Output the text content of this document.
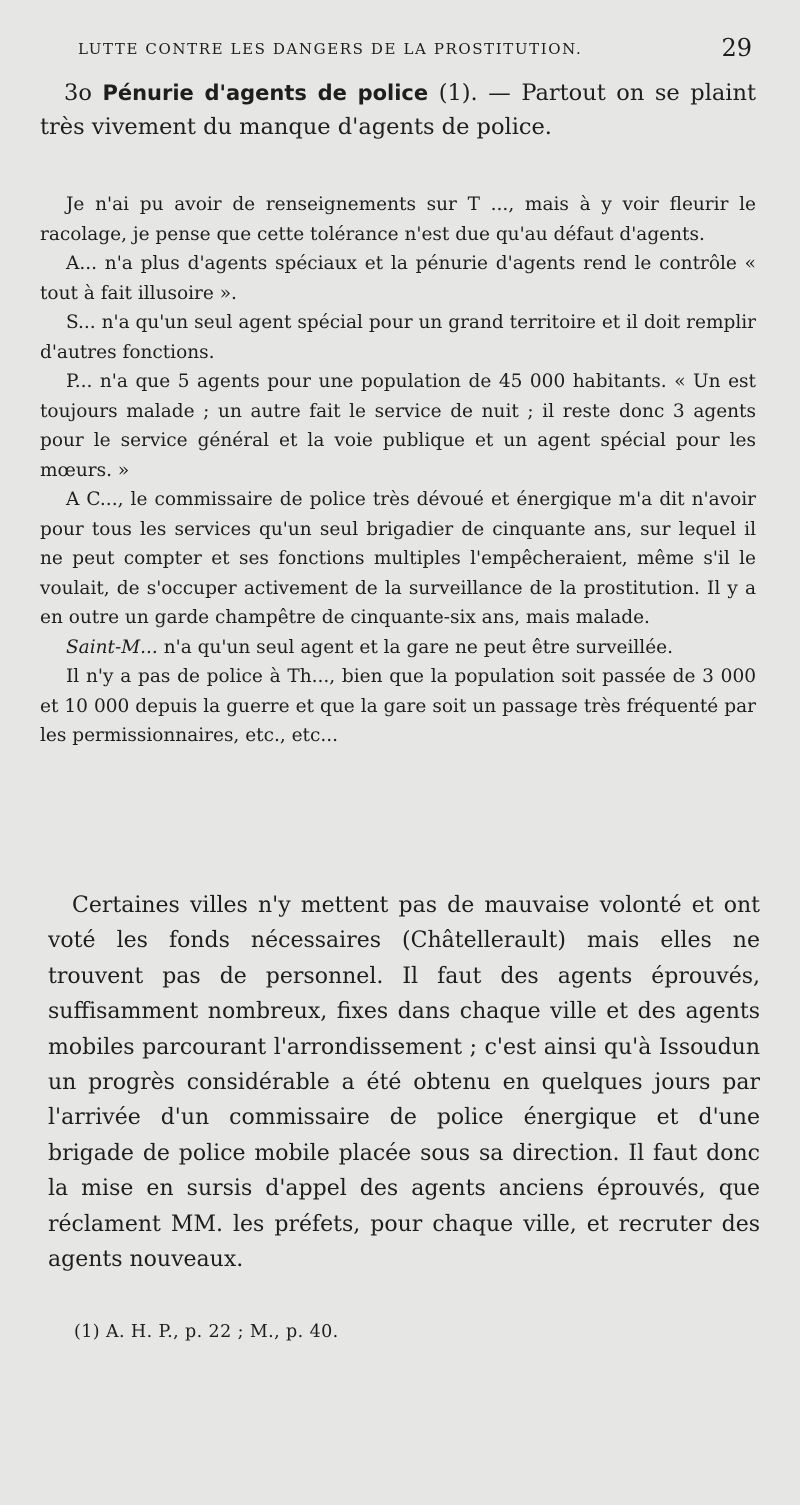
LUTTE CONTRE LES DANGERS DE LA PROSTITUTION.	29
3o Pénurie d'agents de police (1). — Partout on se plaint très vivement du manque d'agents de police.

Je n'ai pu avoir de renseignements sur T ..., mais à y voir fleurir le racolage, je pense que cette tolérance n'est due qu'au défaut d'agents.

A... n'a plus d'agents spéciaux et la pénurie d'agents rend le contrôle « tout à fait illusoire ».

S... n'a qu'un seul agent spécial pour un grand territoire et il doit remplir d'autres fonctions.

P... n'a que 5 agents pour une population de 45 000 habitants. « Un est toujours malade ; un autre fait le service de nuit ; il reste donc 3 agents pour le service général et la voie publique et un agent spécial pour les mœurs. »

A C..., le commissaire de police très dévoué et énergique m'a dit n'avoir pour tous les services qu'un seul brigadier de cinquante ans, sur lequel il ne peut compter et ses fonctions multiples l'empêcheraient, même s'il le voulait, de s'occuper activement de la surveillance de la prostitution. Il y a en outre un garde champêtre de cinquante-six ans, mais malade.

Saint-M... n'a qu'un seul agent et la gare ne peut être surveillée.

Il n'y a pas de police à Th..., bien que la population soit passée de 3 000 et 10 000 depuis la guerre et que la gare soit un passage très fréquenté par les permissionnaires, etc., etc...

Certaines villes n'y mettent pas de mauvaise volonté et ont voté les fonds nécessaires (Châtellerault) mais elles ne trouvent pas de personnel. Il faut des agents éprouvés, suffisamment nombreux, fixes dans chaque ville et des agents mobiles parcourant l'arrondissement ; c'est ainsi qu'à Issoudun un progrès considérable a été obtenu en quelques jours par l'arrivée d'un commissaire de police énergique et d'une brigade de police mobile placée sous sa direction. Il faut donc la mise en sursis d'appel des agents anciens éprouvés, que réclament MM. les préfets, pour chaque ville, et recruter des agents nouveaux.

(1) A. H. P., p. 22 ; M., p. 40.
